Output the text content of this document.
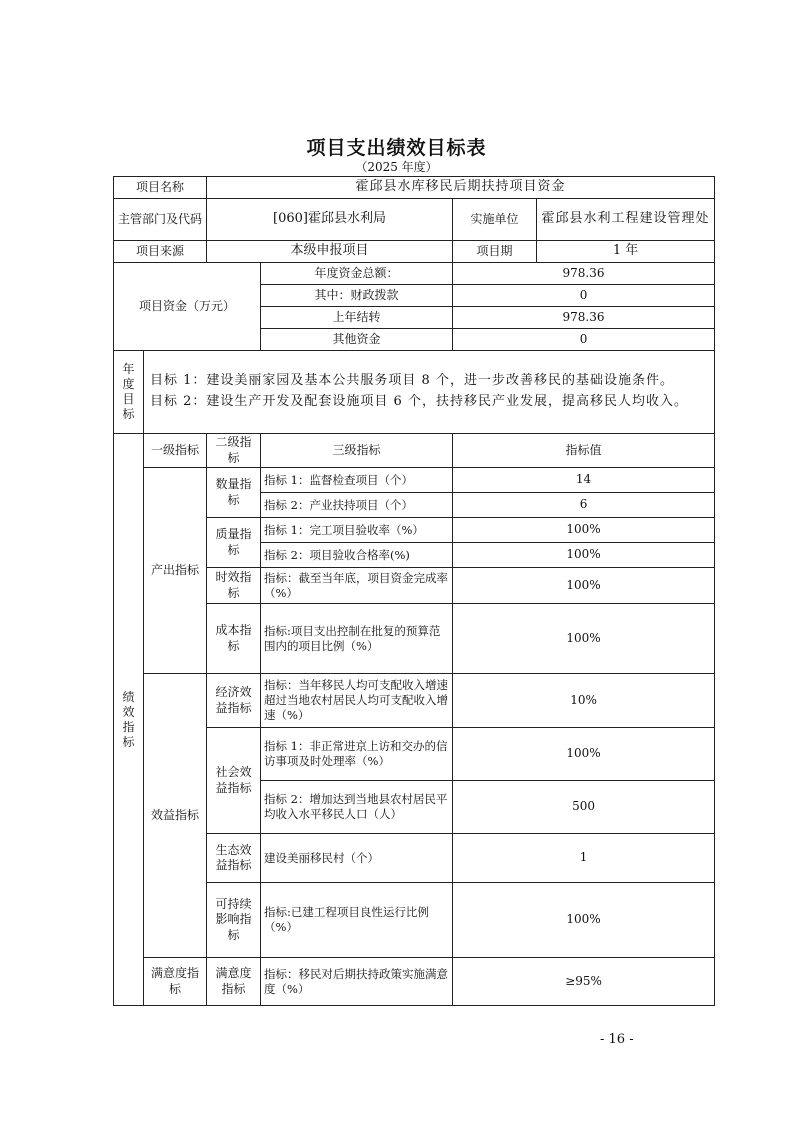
项目支出绩效目标表
（2025 年度）
项目名称		霍邱县水库移民后期扶持项目资金			
主管部门及代码		[060]霍邱县水利局		实施单位	霍邱县水利工程建设管理处
项目来源		本级申报项目		项目期	1 年
项目资金（万元）			年度资金总额：	978.36	
			其中：财政拨款	0	
			上年结转	978.36	
			其他资金	0	
年度目标	目标 1：建设美丽家园及基本公共服务项目 8 个，进一步改善移民的基础设施条件。
目标 2：建设生产开发及配套设施项目 6 个，扶持移民产业发展，提高移民人均收入。				

绩效指标	一级指标	二级指标	三级指标	指标值	
	产出指标	数量指标	指标 1：监督检查项目（个）	14	
			指标 2：产业扶持项目（个）	6	
		质量指标	指标 1：完工项目验收率（%）	100%	
			指标 2：项目验收合格率(%)	100%	
		时效指标	指标：截至当年底，项目资金完成率（%）	100%	
		成本指标	指标:项目支出控制在批复的预算范围内的项目比例（%）	100%	
	效益指标	经济效益指标	指标：当年移民人均可支配收入增速超过当地农村居民人均可支配收入增速（%）	10%	
		社会效益指标	指标 1：非正常进京上访和交办的信访事项及时处理率（%）	100%	
			指标 2：增加达到当地县农村居民平均收入水平移民人口（人）	500	
		生态效益指标	建设美丽移民村（个）	1	
		可持续影响指标	指标:已建工程项目良性运行比例（%）	100%	
	满意度指标	满意度指标	指标：移民对后期扶持政策实施满意度（%）	≥95%	
- 16 -
